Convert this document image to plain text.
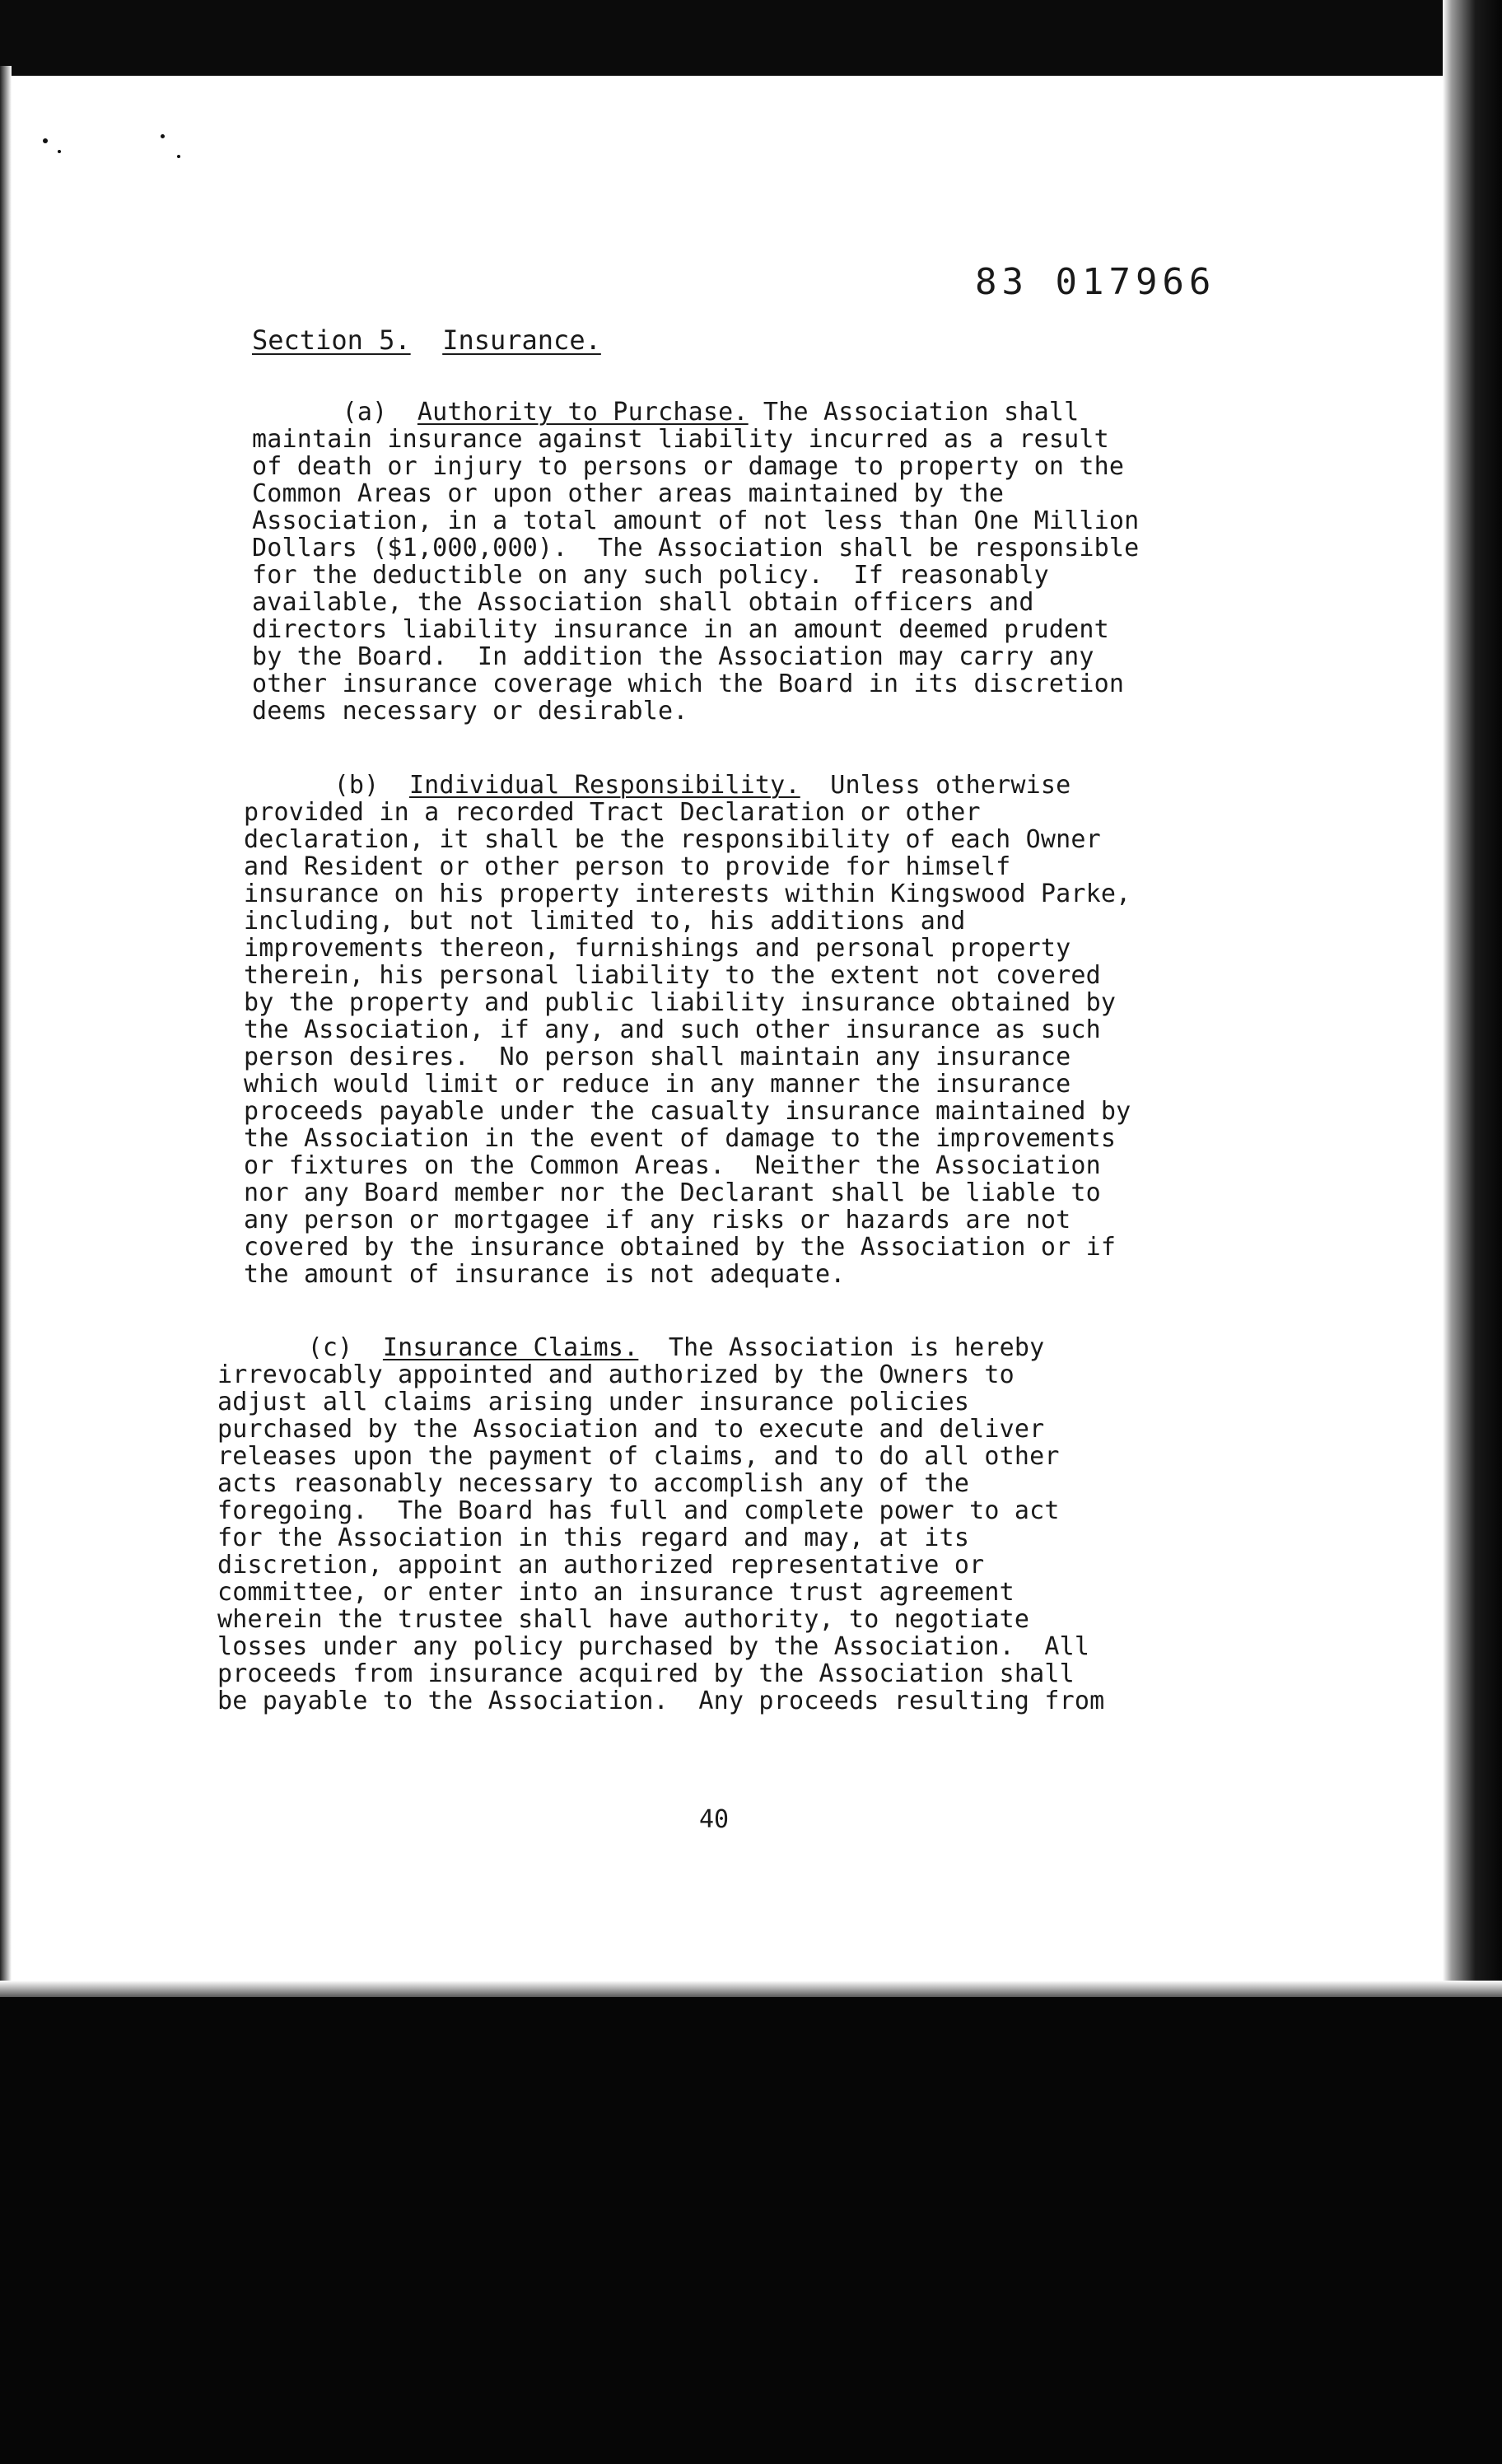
83 017966
Section 5. Insurance.
(a) Authority to Purchase. The Association shall
maintain insurance against liability incurred as a result
of death or injury to persons or damage to property on the
Common Areas or upon other areas maintained by the
Association, in a total amount of not less than One Million
Dollars ($1,000,000).  The Association shall be responsible
for the deductible on any such policy.  If reasonably
available, the Association shall obtain officers and
directors liability insurance in an amount deemed prudent
by the Board.  In addition the Association may carry any
other insurance coverage which the Board in its discretion
deems necessary or desirable.
(b) Individual Responsibility.  Unless otherwise
provided in a recorded Tract Declaration or other
declaration, it shall be the responsibility of each Owner
and Resident or other person to provide for himself
insurance on his property interests within Kingswood Parke,
including, but not limited to, his additions and
improvements thereon, furnishings and personal property
therein, his personal liability to the extent not covered
by the property and public liability insurance obtained by
the Association, if any, and such other insurance as such
person desires.  No person shall maintain any insurance
which would limit or reduce in any manner the insurance
proceeds payable under the casualty insurance maintained by
the Association in the event of damage to the improvements
or fixtures on the Common Areas.  Neither the Association
nor any Board member nor the Declarant shall be liable to
any person or mortgagee if any risks or hazards are not
covered by the insurance obtained by the Association or if
the amount of insurance is not adequate.
(c) Insurance Claims.  The Association is hereby
irrevocably appointed and authorized by the Owners to
adjust all claims arising under insurance policies
purchased by the Association and to execute and deliver
releases upon the payment of claims, and to do all other
acts reasonably necessary to accomplish any of the
foregoing.  The Board has full and complete power to act
for the Association in this regard and may, at its
discretion, appoint an authorized representative or
committee, or enter into an insurance trust agreement
wherein the trustee shall have authority, to negotiate
losses under any policy purchased by the Association.  All
proceeds from insurance acquired by the Association shall
be payable to the Association.  Any proceeds resulting from
40
